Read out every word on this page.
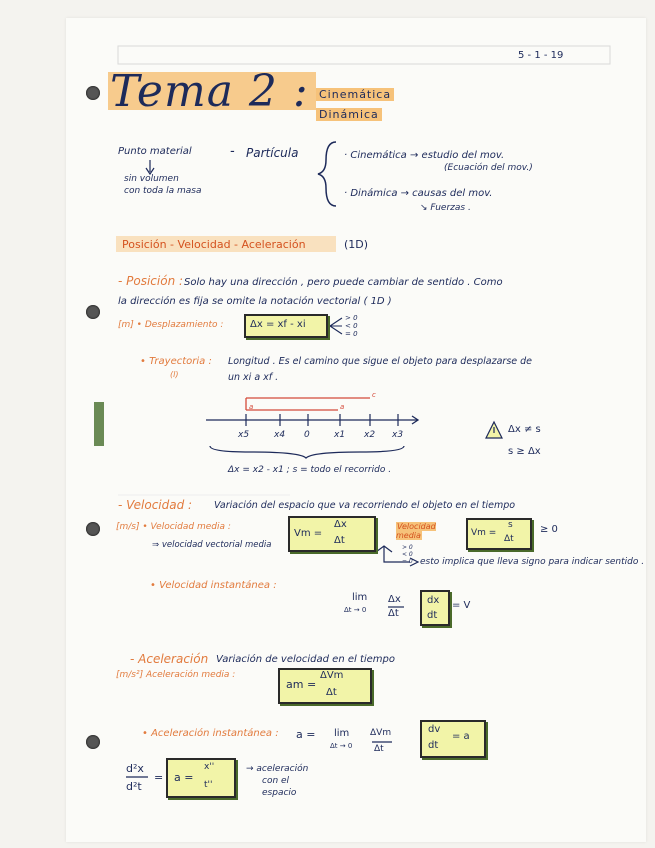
5 - 1 - 19
Tema 2 : Cinemática
Dinámica
Punto material	- Partícula
sin volumen
con toda la masa
· Cinemática → estudio del mov.
(Ecuación del mov.)
· Dinámica → causas del mov.
↘ Fuerzas .
Posición - Velocidad - Aceleración	(1D)
- Posición : Solo hay una dirección , pero puede cambiar de sentido . Como
la dirección es fija se omite la notación vectorial ( 1D )
[m] • Desplazamiento :	Δx = xf - xi
> 0
< 0
= 0
• Trayectoria :
(l)
Longitud . Es el camino que sigue el objeto para desplazarse de
un xi a xf .
a	a
c
x5	x4 0	x1 x2 x3	Δx ≠ s
s ≥ Δx
Δx = x2 - x1 ; s = todo el recorrido .
- Velocidad : Variación del espacio que va recorriendo el objeto en el tiempo
[m/s] • Velocidad media :
Vm =
Δx
Δt
⇒ velocidad vectorial media
Velocidad media
> 0
< 0
= 0
Vm =
s
Δt
≥ 0
esto implica que lleva signo para indicar sentido .
• Velocidad instantánea :
lim
Δt → 0
Δx
Δt
dx
dt
= V
- Aceleración Variación de velocidad en el tiempo
[m/s²] Aceleración media :
am =
ΔVm
Δt
• Aceleración instantánea : a = lim
Δt → 0
ΔVm
Δt
dv
dt
= a
d²x
d²t
= a =
x''
t''
→ aceleración
con el
espacio
